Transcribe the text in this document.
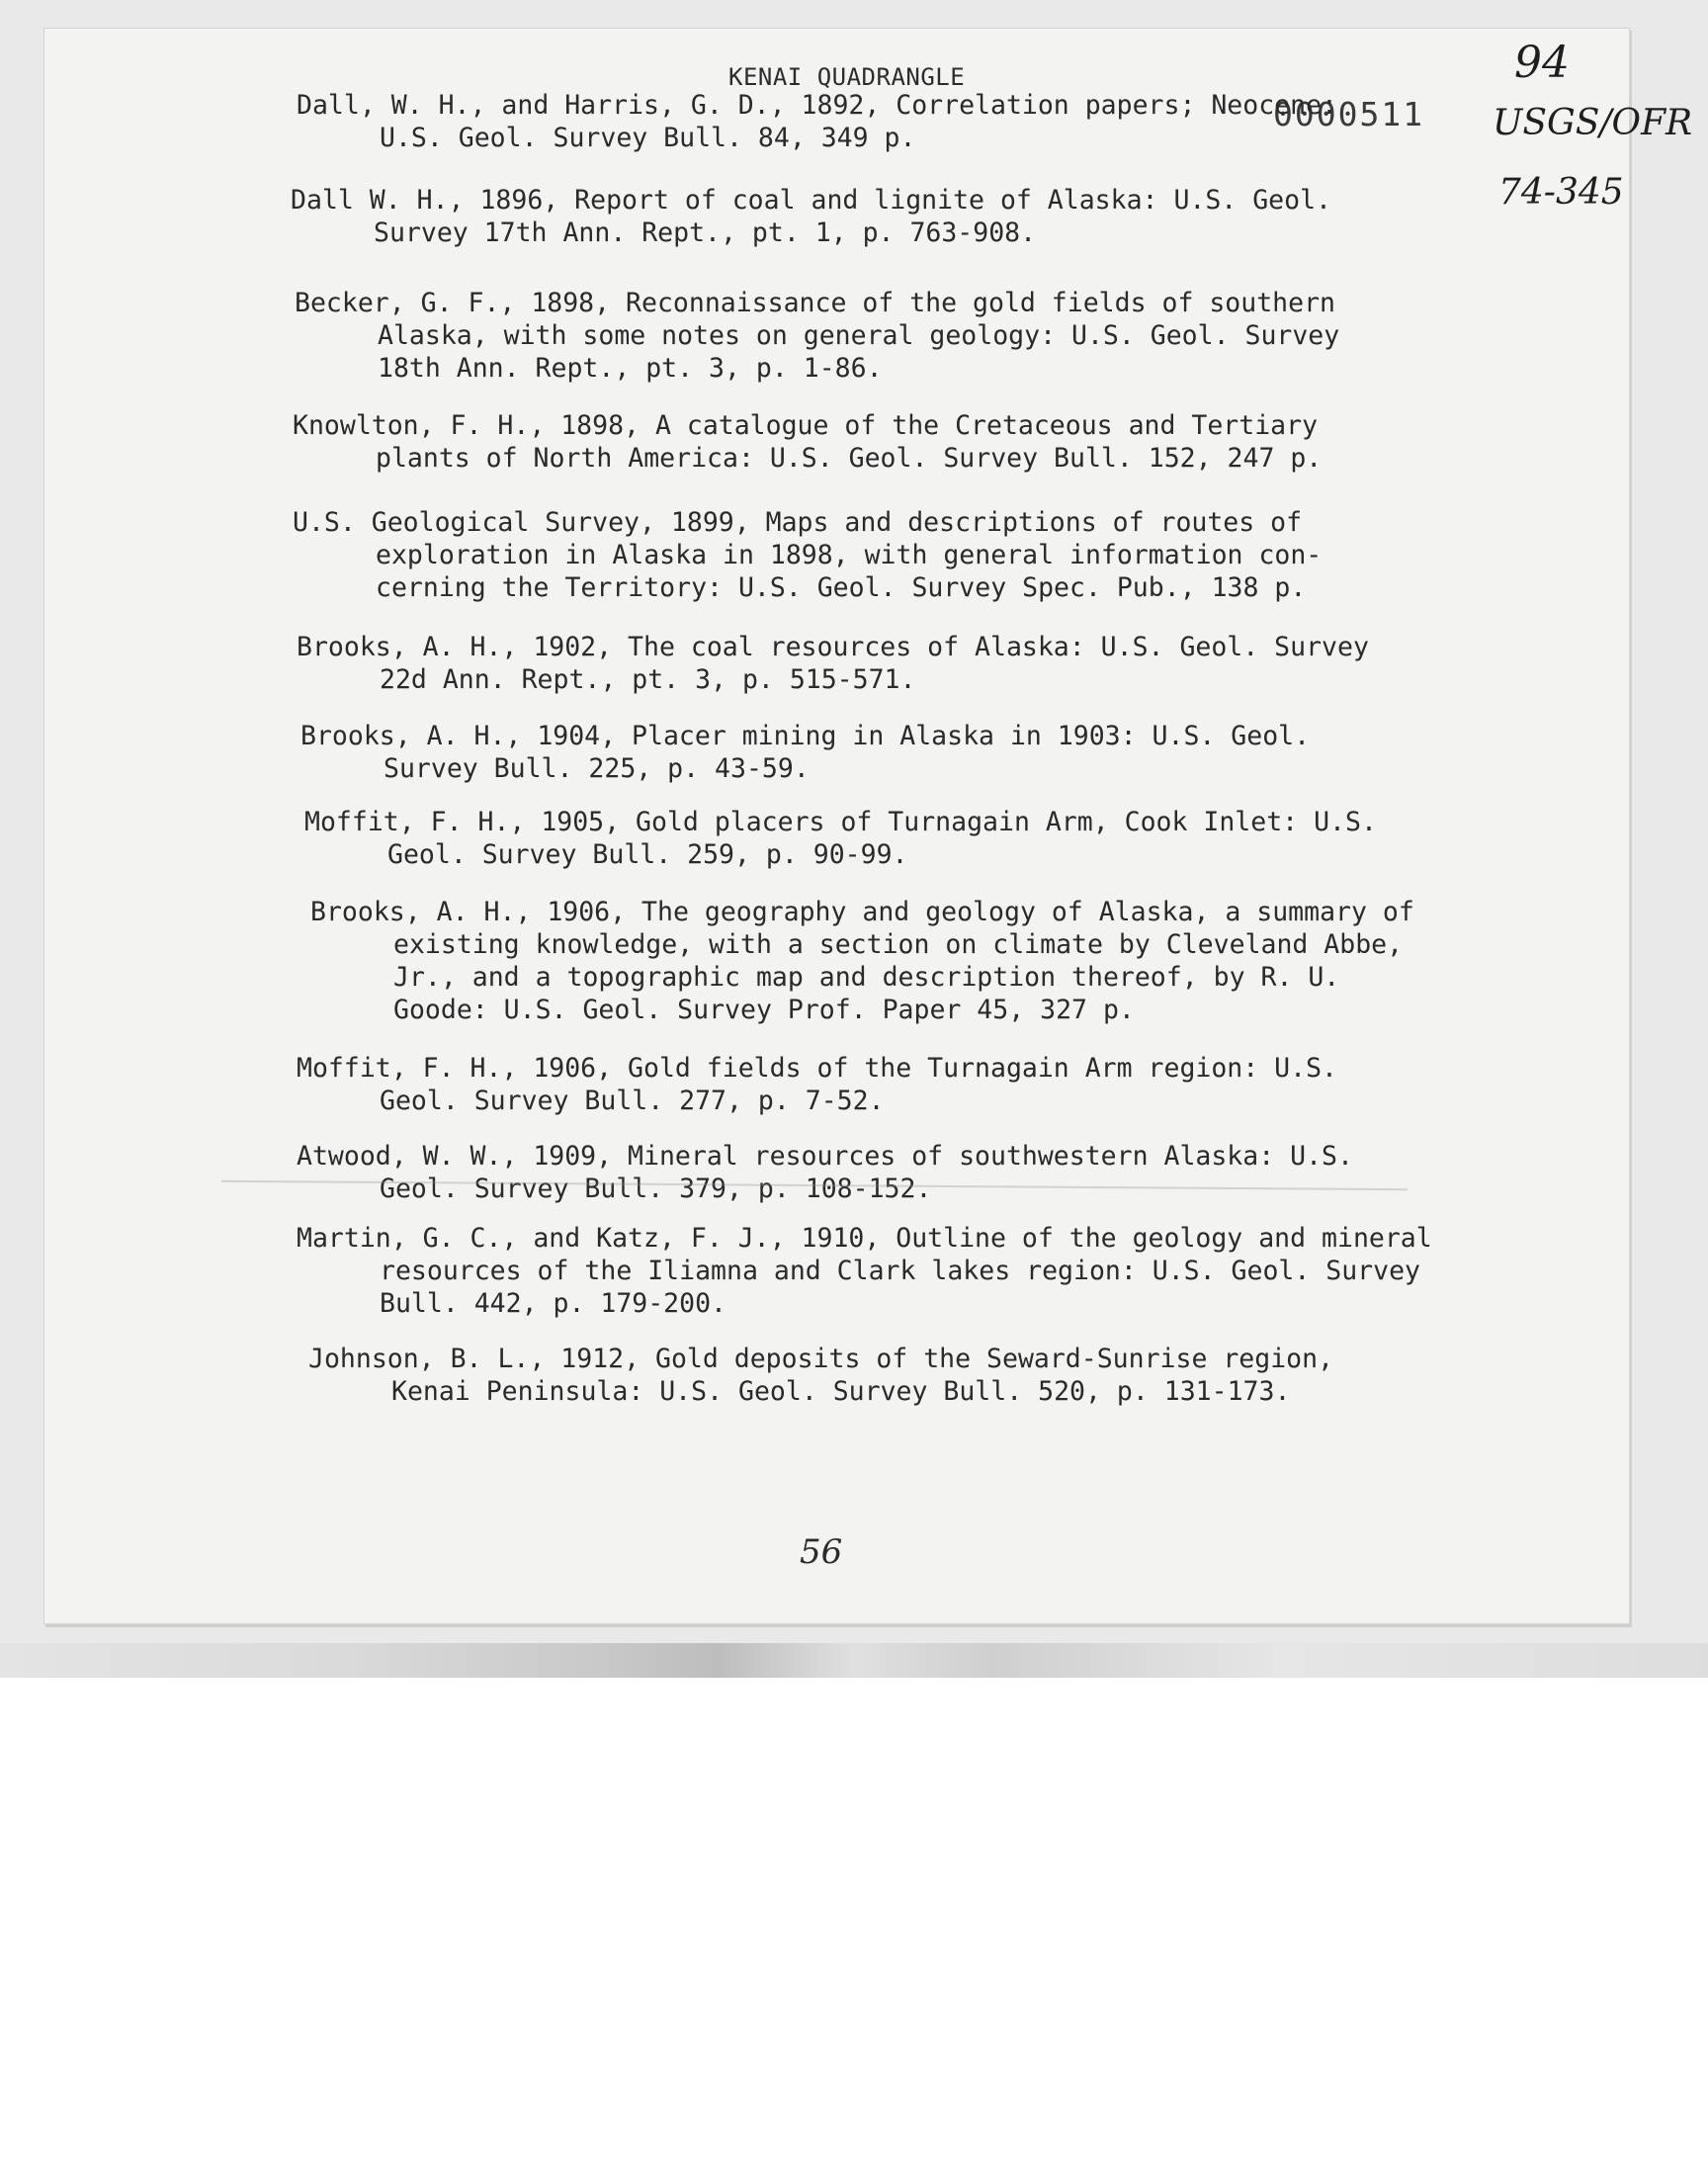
KENAI QUADRANGLE
0000511
94
USGS/OFR
74-345
Dall, W. H., and Harris, G. D., 1892, Correlation papers; Neocene:
U.S. Geol. Survey Bull. 84, 349 p.
Dall W. H., 1896, Report of coal and lignite of Alaska: U.S. Geol.
Survey 17th Ann. Rept., pt. 1, p. 763-908.
Becker, G. F., 1898, Reconnaissance of the gold fields of southern
Alaska, with some notes on general geology: U.S. Geol. Survey
18th Ann. Rept., pt. 3, p. 1-86.
Knowlton, F. H., 1898, A catalogue of the Cretaceous and Tertiary
plants of North America: U.S. Geol. Survey Bull. 152, 247 p.
U.S. Geological Survey, 1899, Maps and descriptions of routes of
exploration in Alaska in 1898, with general information con-
cerning the Territory: U.S. Geol. Survey Spec. Pub., 138 p.
Brooks, A. H., 1902, The coal resources of Alaska: U.S. Geol. Survey
22d Ann. Rept., pt. 3, p. 515-571.
Brooks, A. H., 1904, Placer mining in Alaska in 1903: U.S. Geol.
Survey Bull. 225, p. 43-59.
Moffit, F. H., 1905, Gold placers of Turnagain Arm, Cook Inlet: U.S.
Geol. Survey Bull. 259, p. 90-99.
Brooks, A. H., 1906, The geography and geology of Alaska, a summary of
existing knowledge, with a section on climate by Cleveland Abbe,
Jr., and a topographic map and description thereof, by R. U.
Goode: U.S. Geol. Survey Prof. Paper 45, 327 p.
Moffit, F. H., 1906, Gold fields of the Turnagain Arm region: U.S.
Geol. Survey Bull. 277, p. 7-52.
Atwood, W. W., 1909, Mineral resources of southwestern Alaska: U.S.
Geol. Survey Bull. 379, p. 108-152.
Martin, G. C., and Katz, F. J., 1910, Outline of the geology and mineral
resources of the Iliamna and Clark lakes region: U.S. Geol. Survey
Bull. 442, p. 179-200.
Johnson, B. L., 1912, Gold deposits of the Seward-Sunrise region,
Kenai Peninsula: U.S. Geol. Survey Bull. 520, p. 131-173.
56
